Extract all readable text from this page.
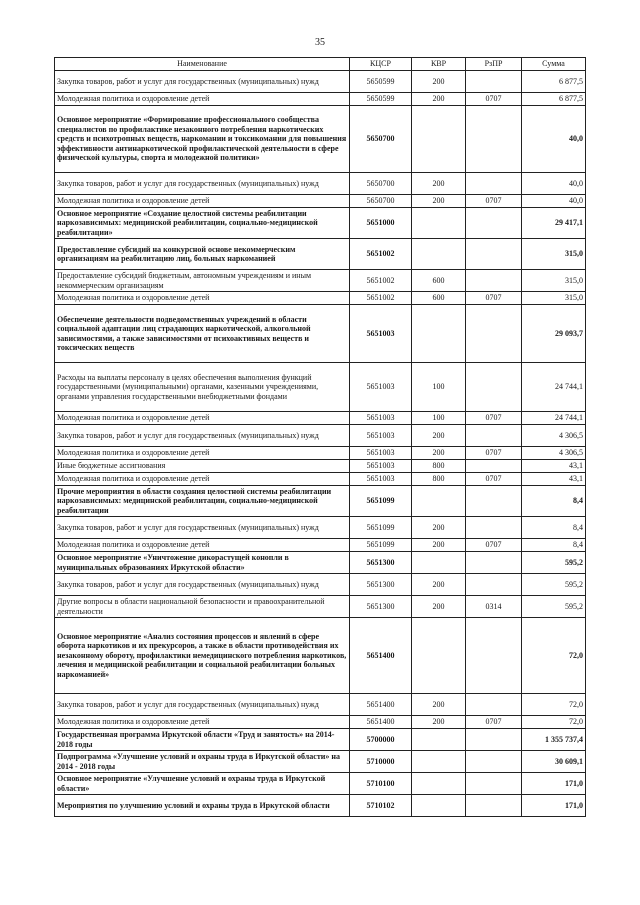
35
Наименование	КЦСР	КВР	РзПР	Сумма
Закупка товаров, работ и услуг для государственных (муниципальных) нужд	5650599	200		6 877,5
Молодежная политика и оздоровление детей	5650599	200	0707	6 877,5
Основное мероприятие «Формирование профессионального сообщества специалистов по профилактике незаконного потребления наркотических средств и психотропных веществ, наркомании и токсикомании для повышения эффективности антинаркотической профилактической деятельности в сфере физической культуры, спорта и молодежной политики»	5650700			40,0
Закупка товаров, работ и услуг для государственных (муниципальных) нужд	5650700	200		40,0
Молодежная политика и оздоровление детей	5650700	200	0707	40,0
Основное мероприятие «Создание целостной системы реабилитации наркозависимых: медицинской реабилитации, социально-медицинской реабилитации»	5651000			29 417,1
Предоставление субсидий на конкурсной основе некоммерческим организациям на реабилитацию лиц, больных наркоманией	5651002			315,0
Предоставление субсидий бюджетным, автономным учреждениям и иным некоммерческим организациям	5651002	600		315,0
Молодежная политика и оздоровление детей	5651002	600	0707	315,0
Обеспечение деятельности подведомственных учреждений в области социальной адаптации лиц страдающих наркотической, алкогольной зависимостями, а также зависимостями от психоактивных веществ и токсических веществ	5651003			29 093,7
Расходы на выплаты персоналу в целях обеспечения выполнения функций государственными (муниципальными) органами, казенными учреждениями, органами управления государственными внебюджетными фондами	5651003	100		24 744,1
Молодежная политика и оздоровление детей	5651003	100	0707	24 744,1
Закупка товаров, работ и услуг для государственных (муниципальных) нужд	5651003	200		4 306,5
Молодежная политика и оздоровление детей	5651003	200	0707	4 306,5
Иные бюджетные ассигнования	5651003	800		43,1
Молодежная политика и оздоровление детей	5651003	800	0707	43,1
Прочие мероприятия в области создания целостной системы реабилитации наркозависимых: медицинской реабилитации, социально-медицинской реабилитации	5651099			8,4
Закупка товаров, работ и услуг для государственных (муниципальных) нужд	5651099	200		8,4
Молодежная политика и оздоровление детей	5651099	200	0707	8,4
Основное мероприятие «Уничтожение дикорастущей конопли в муниципальных образованиях Иркутской области»	5651300			595,2
Закупка товаров, работ и услуг для государственных (муниципальных) нужд	5651300	200		595,2
Другие вопросы в области национальной безопасности и правоохранительной деятельности	5651300	200	0314	595,2
Основное мероприятие «Анализ состояния процессов и явлений в сфере оборота наркотиков и их прекурсоров, а также в области противодействия их незаконному обороту, профилактики немедицинского потребления наркотиков, лечения и медицинской реабилитации и социальной реабилитации больных наркоманией»	5651400			72,0
Закупка товаров, работ и услуг для государственных (муниципальных) нужд	5651400	200		72,0
Молодежная политика и оздоровление детей	5651400	200	0707	72,0
Государственная программа Иркутской области «Труд и занятость» на 2014-2018 годы	5700000			1 355 737,4
Подпрограмма «Улучшение условий и охраны труда в Иркутской области» на 2014 - 2018 годы	5710000			30 609,1
Основное мероприятие «Улучшение условий и охраны труда в Иркутской области»	5710100			171,0
Мероприятия по улучшению условий и охраны труда в Иркутской области	5710102			171,0
